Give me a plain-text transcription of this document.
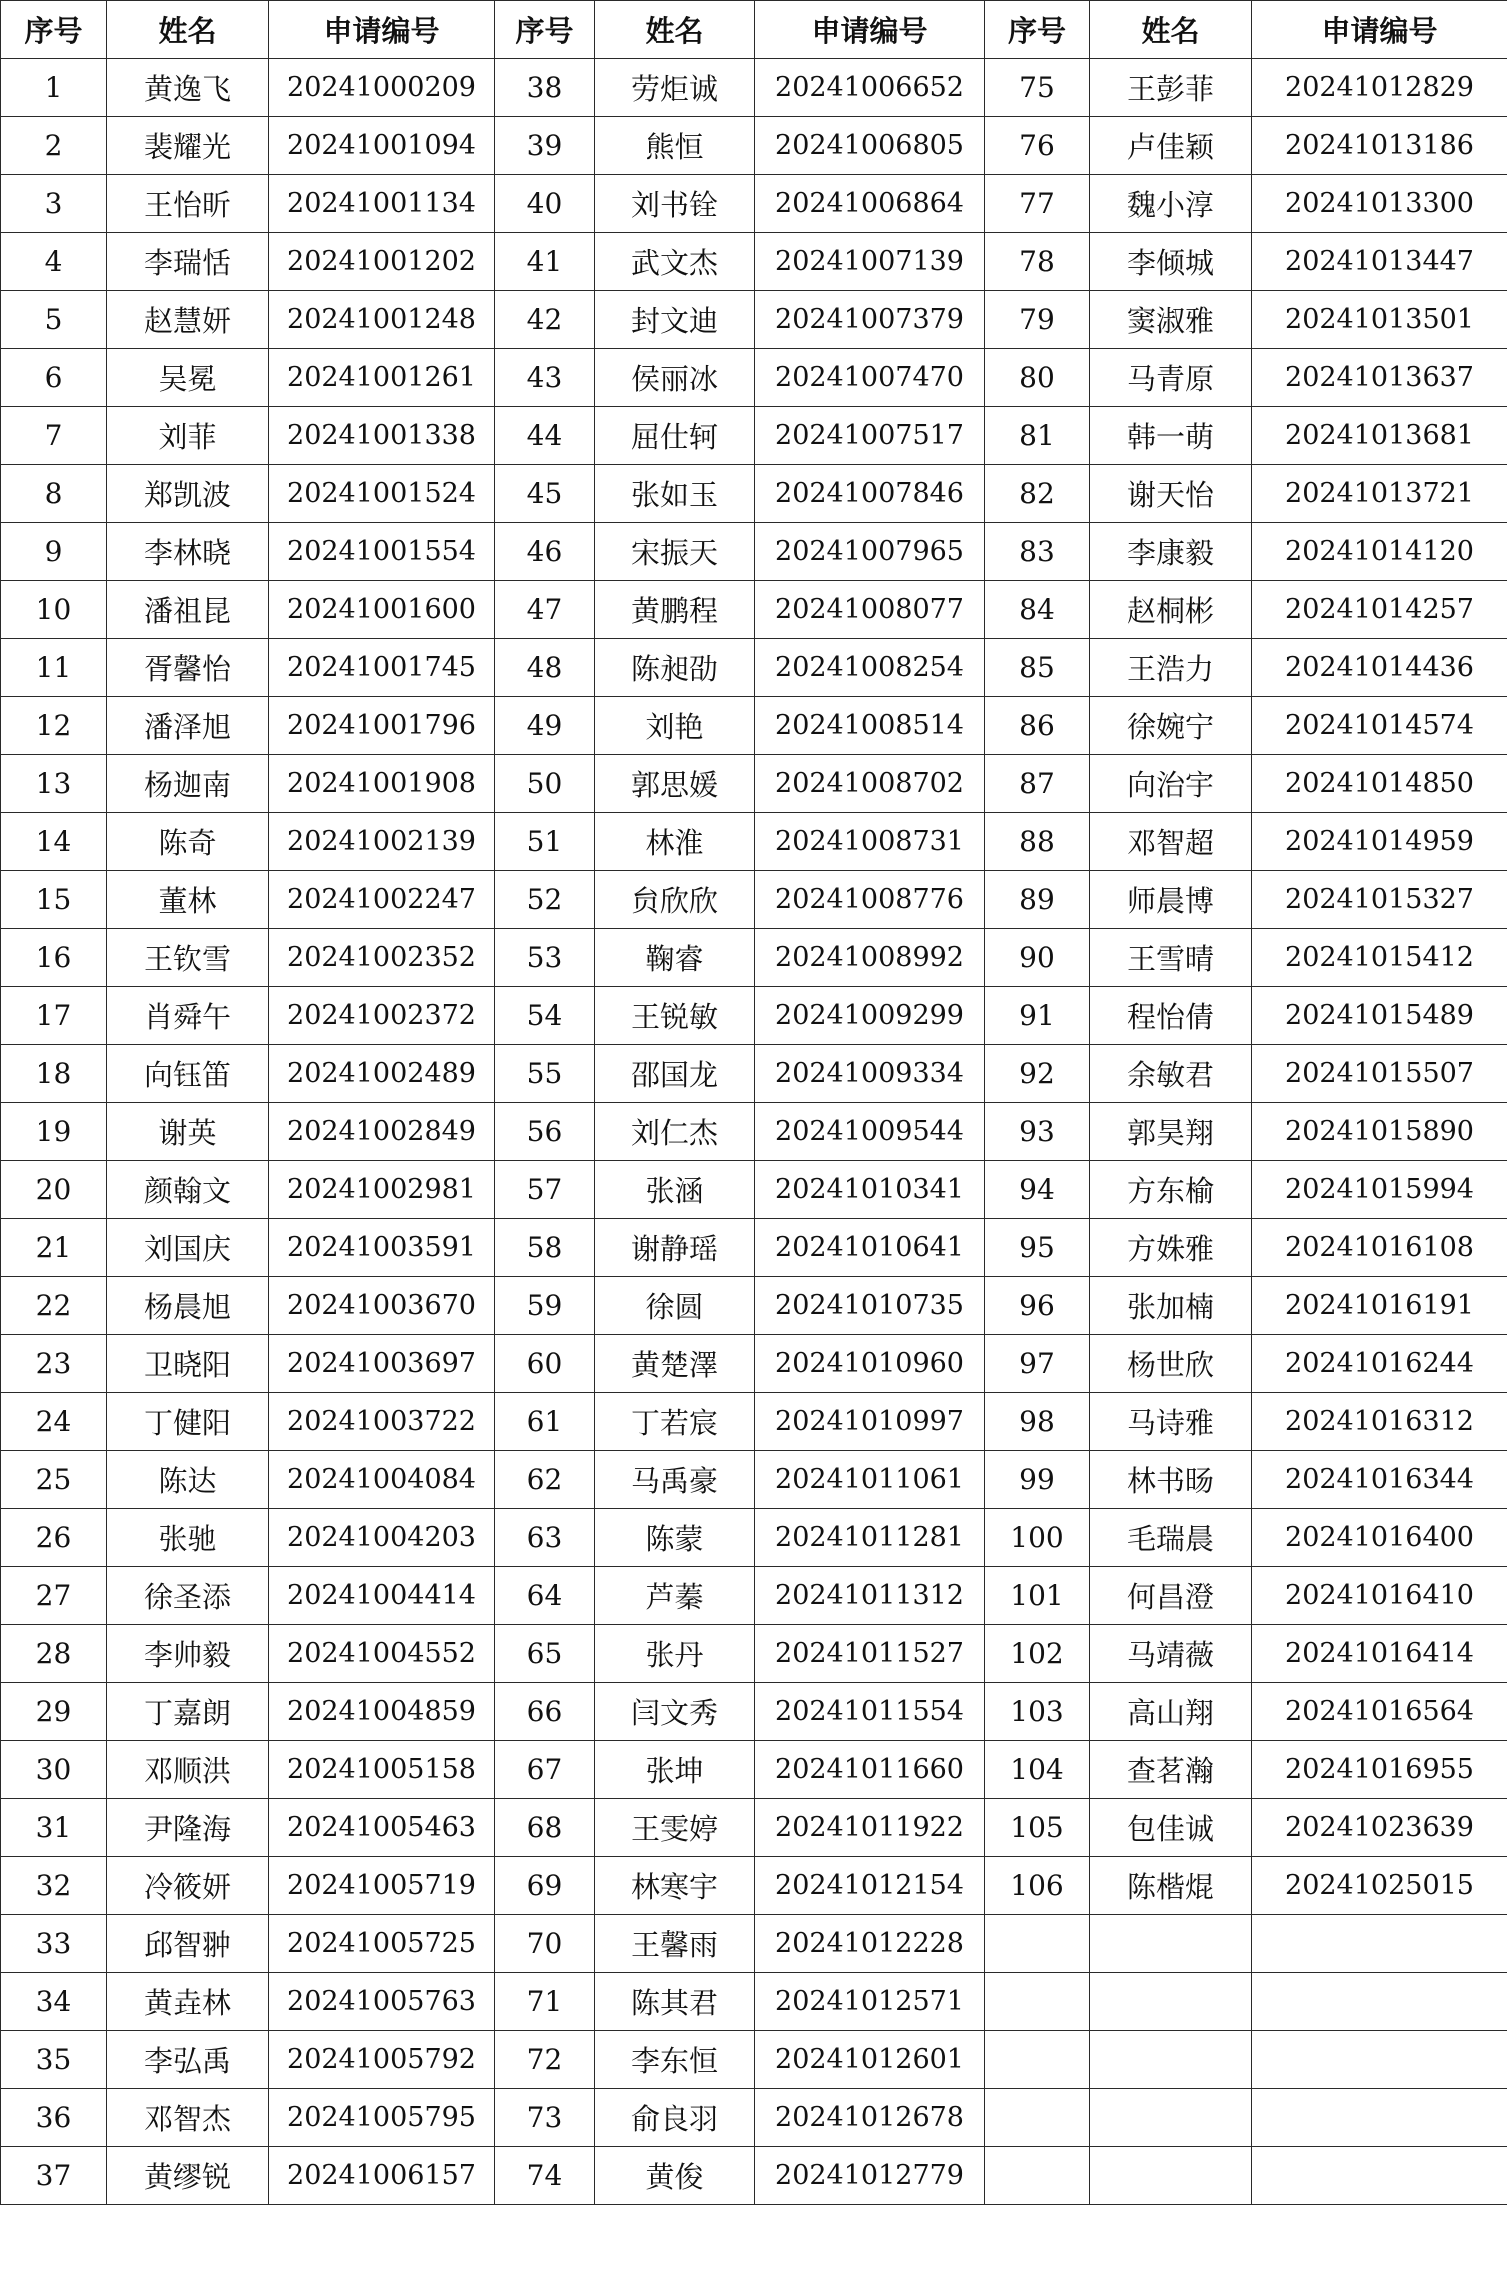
序号	姓名	申请编号	序号	姓名	申请编号	序号	姓名	申请编号
1	黄逸飞	20241000209	38	劳炬诚	20241006652	75	王彭菲	20241012829
2	裴耀光	20241001094	39	熊恒	20241006805	76	卢佳颖	20241013186
3	王怡昕	20241001134	40	刘书铨	20241006864	77	魏小淳	20241013300
4	李瑞恬	20241001202	41	武文杰	20241007139	78	李倾城	20241013447
5	赵慧妍	20241001248	42	封文迪	20241007379	79	窦淑雅	20241013501
6	吴冕	20241001261	43	侯丽冰	20241007470	80	马青原	20241013637
7	刘菲	20241001338	44	屈仕轲	20241007517	81	韩一萌	20241013681
8	郑凯波	20241001524	45	张如玉	20241007846	82	谢天怡	20241013721
9	李林晓	20241001554	46	宋振天	20241007965	83	李康毅	20241014120
10	潘祖昆	20241001600	47	黄鹏程	20241008077	84	赵桐彬	20241014257
11	胥馨怡	20241001745	48	陈昶劭	20241008254	85	王浩力	20241014436
12	潘泽旭	20241001796	49	刘艳	20241008514	86	徐婉宁	20241014574
13	杨迦南	20241001908	50	郭思媛	20241008702	87	向治宇	20241014850
14	陈奇	20241002139	51	林淮	20241008731	88	邓智超	20241014959
15	董林	20241002247	52	贠欣欣	20241008776	89	师晨博	20241015327
16	王钦雪	20241002352	53	鞠睿	20241008992	90	王雪晴	20241015412
17	肖舜午	20241002372	54	王锐敏	20241009299	91	程怡倩	20241015489
18	向钰笛	20241002489	55	邵国龙	20241009334	92	余敏君	20241015507
19	谢英	20241002849	56	刘仁杰	20241009544	93	郭昊翔	20241015890
20	颜翰文	20241002981	57	张涵	20241010341	94	方东榆	20241015994
21	刘国庆	20241003591	58	谢静瑶	20241010641	95	方姝雅	20241016108
22	杨晨旭	20241003670	59	徐圆	20241010735	96	张加楠	20241016191
23	卫晓阳	20241003697	60	黄楚澤	20241010960	97	杨世欣	20241016244
24	丁健阳	20241003722	61	丁若宸	20241010997	98	马诗雅	20241016312
25	陈达	20241004084	62	马禹豪	20241011061	99	林书旸	20241016344
26	张驰	20241004203	63	陈蒙	20241011281	100	毛瑞晨	20241016400
27	徐圣添	20241004414	64	芦蓁	20241011312	101	何昌澄	20241016410
28	李帅毅	20241004552	65	张丹	20241011527	102	马靖薇	20241016414
29	丁嘉朗	20241004859	66	闫文秀	20241011554	103	高山翔	20241016564
30	邓顺洪	20241005158	67	张坤	20241011660	104	查茗瀚	20241016955
31	尹隆海	20241005463	68	王雯婷	20241011922	105	包佳诚	20241023639
32	冷筱妍	20241005719	69	林寒宇	20241012154	106	陈楷焜	20241025015
33	邱智翀	20241005725	70	王馨雨	20241012228			
34	黄垚林	20241005763	71	陈其君	20241012571			
35	李弘禹	20241005792	72	李东恒	20241012601			
36	邓智杰	20241005795	73	俞良羽	20241012678			
37	黄缪锐	20241006157	74	黄俊	20241012779			
